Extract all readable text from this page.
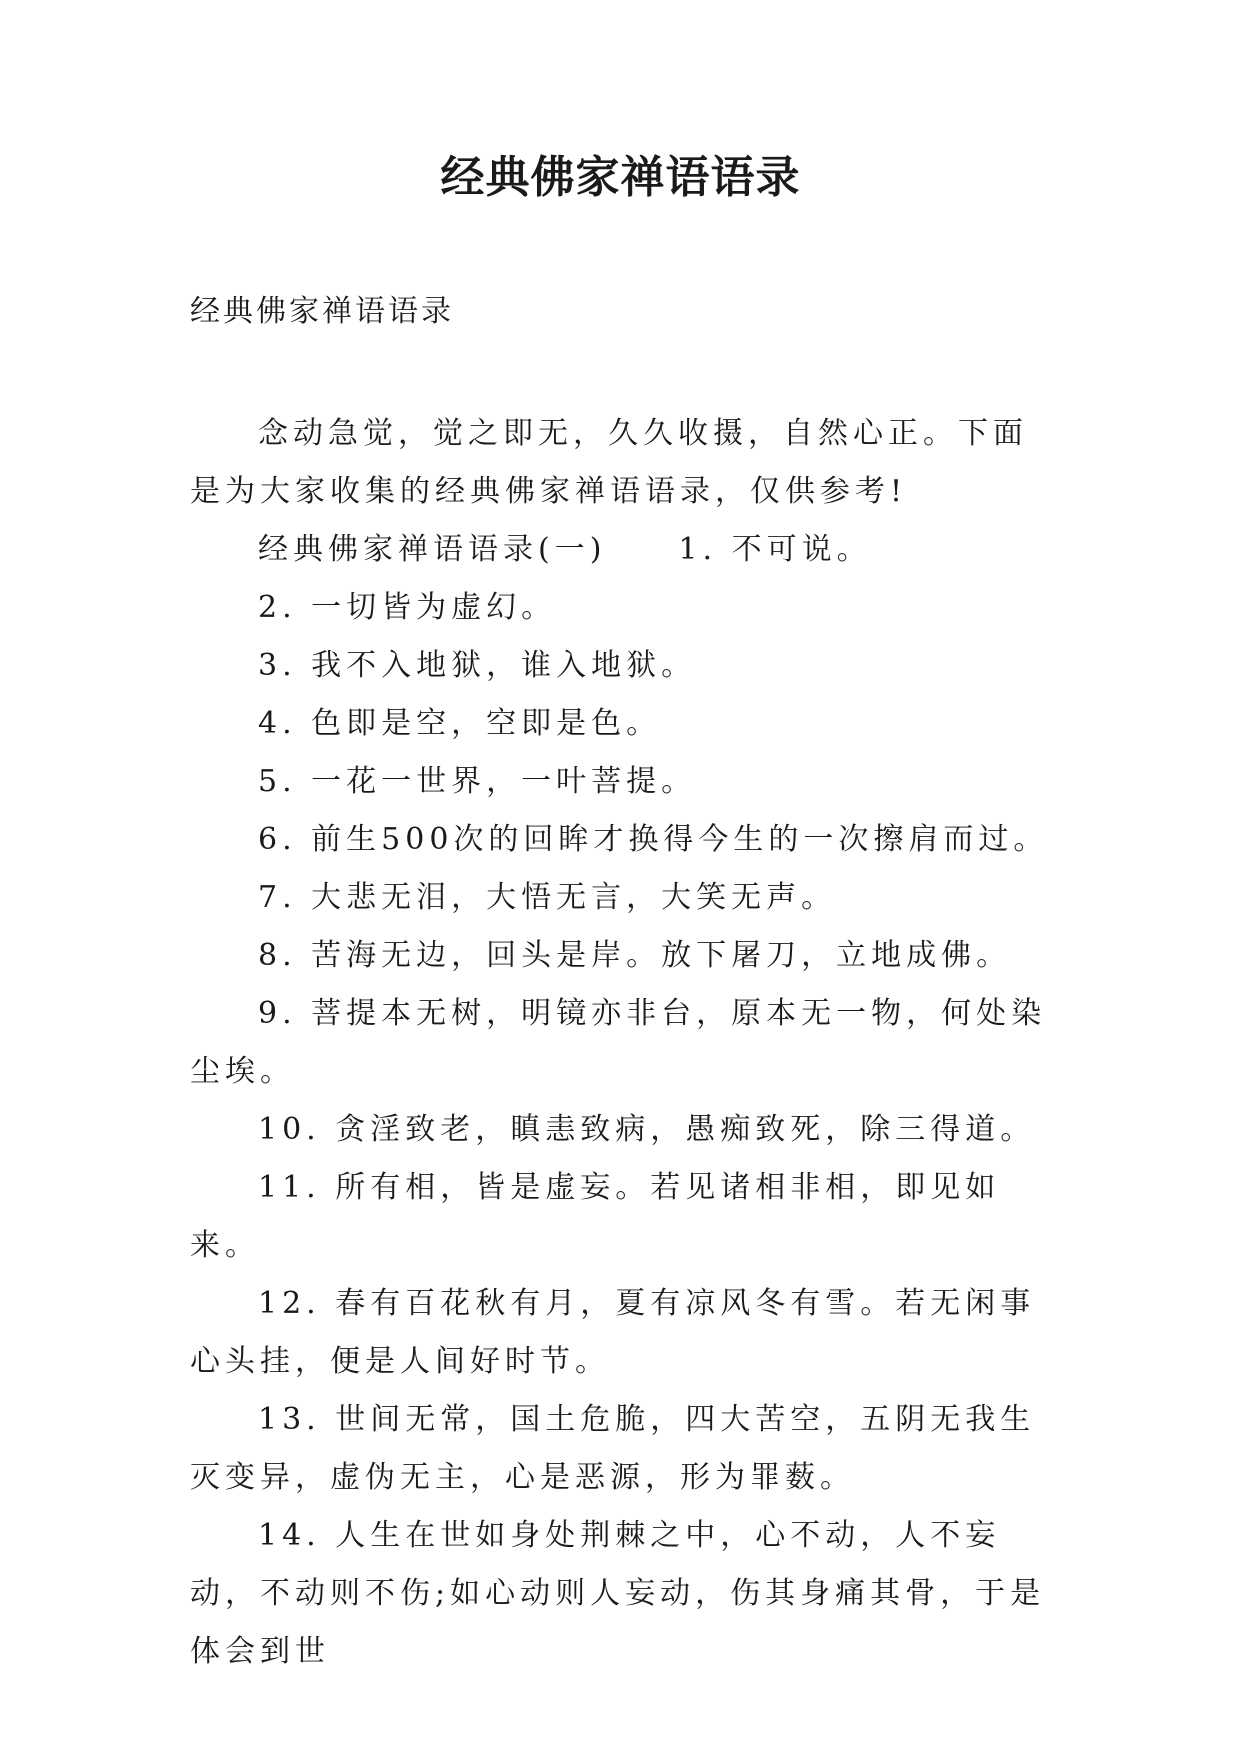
经典佛家禅语语录
经典佛家禅语语录

念动急觉，觉之即无，久久收摄，自然心正。下面是为大家收集的经典佛家禅语语录，仅供参考!

经典佛家禅语语录(一) 1. 不可说。

2. 一切皆为虚幻。

3. 我不入地狱，谁入地狱。

4. 色即是空，空即是色。

5. 一花一世界，一叶菩提。

6. 前生500次的回眸才换得今生的一次擦肩而过。

7. 大悲无泪，大悟无言，大笑无声。

8. 苦海无边，回头是岸。放下屠刀，立地成佛。

9. 菩提本无树，明镜亦非台，原本无一物，何处染尘埃。

10. 贪淫致老，瞋恚致病，愚痴致死，除三得道。

11. 所有相，皆是虚妄。若见诸相非相，即见如来。

12. 春有百花秋有月，夏有凉风冬有雪。若无闲事心头挂，便是人间好时节。

13. 世间无常，国土危脆，四大苦空，五阴无我生灭变异，虚伪无主，心是恶源，形为罪薮。

14. 人生在世如身处荆棘之中，心不动，人不妄动，不动则不伤;如心动则人妄动，伤其身痛其骨，于是体会到世
